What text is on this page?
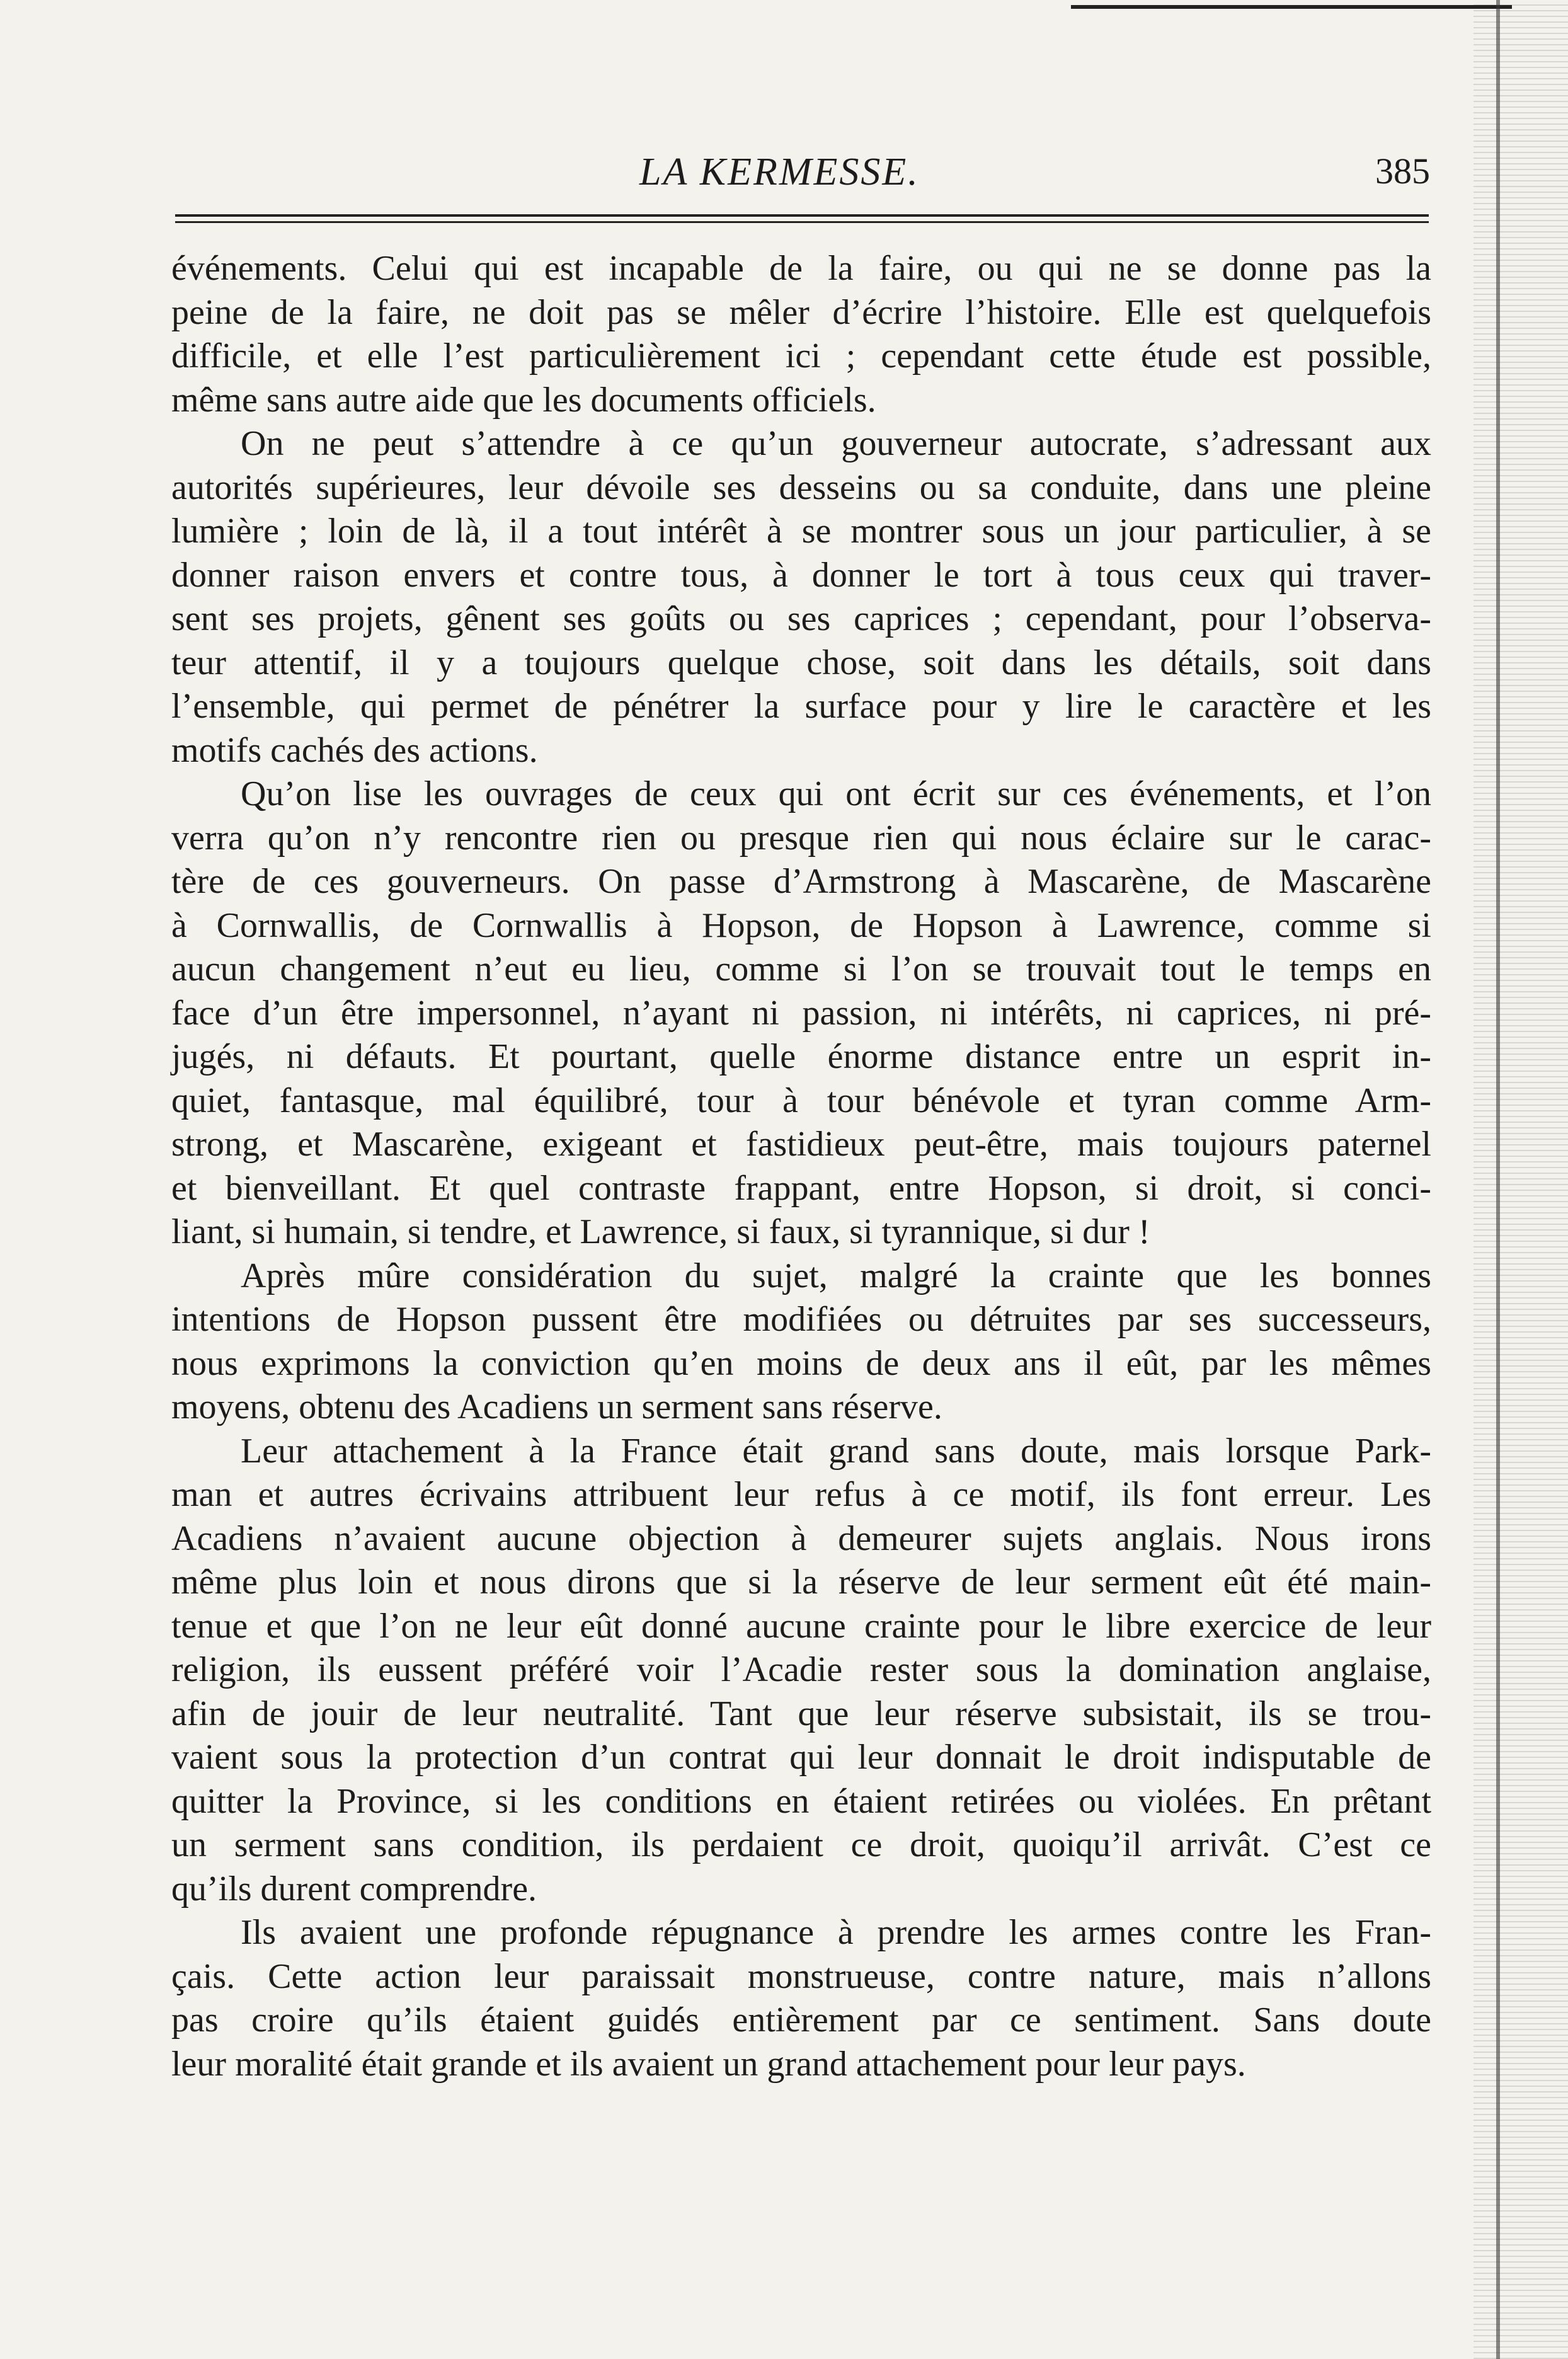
LA KERMESSE.	385

événements. Celui qui est incapable de la faire, ou qui ne se donne pas la
peine de la faire, ne doit pas se mêler d’écrire l’histoire. Elle est quelquefois
difficile, et elle l’est particulièrement ici ; cependant cette étude est possible,
même sans autre aide que les documents officiels.

On ne peut s’attendre à ce qu’un gouverneur autocrate, s’adressant aux
autorités supérieures, leur dévoile ses desseins ou sa conduite, dans une pleine
lumière ; loin de là, il a tout intérêt à se montrer sous un jour particulier, à se
donner raison envers et contre tous, à donner le tort à tous ceux qui traver-
sent ses projets, gênent ses goûts ou ses caprices ; cependant, pour l’observa-
teur attentif, il y a toujours quelque chose, soit dans les détails, soit dans
l’ensemble, qui permet de pénétrer la surface pour y lire le caractère et les
motifs cachés des actions.

Qu’on lise les ouvrages de ceux qui ont écrit sur ces événements, et l’on
verra qu’on n’y rencontre rien ou presque rien qui nous éclaire sur le carac-
tère de ces gouverneurs. On passe d’Armstrong à Mascarène, de Mascarène
à Cornwallis, de Cornwallis à Hopson, de Hopson à Lawrence, comme si
aucun changement n’eut eu lieu, comme si l’on se trouvait tout le temps en
face d’un être impersonnel, n’ayant ni passion, ni intérêts, ni caprices, ni pré-
jugés, ni défauts. Et pourtant, quelle énorme distance entre un esprit in-
quiet, fantasque, mal équilibré, tour à tour bénévole et tyran comme Arm-
strong, et Mascarène, exigeant et fastidieux peut-être, mais toujours paternel
et bienveillant. Et quel contraste frappant, entre Hopson, si droit, si conci-
liant, si humain, si tendre, et Lawrence, si faux, si tyrannique, si dur !

Après mûre considération du sujet, malgré la crainte que les bonnes
intentions de Hopson pussent être modifiées ou détruites par ses successeurs,
nous exprimons la conviction qu’en moins de deux ans il eût, par les mêmes
moyens, obtenu des Acadiens un serment sans réserve.

Leur attachement à la France était grand sans doute, mais lorsque Park-
man et autres écrivains attribuent leur refus à ce motif, ils font erreur. Les
Acadiens n’avaient aucune objection à demeurer sujets anglais. Nous irons
même plus loin et nous dirons que si la réserve de leur serment eût été main-
tenue et que l’on ne leur eût donné aucune crainte pour le libre exercice de leur
religion, ils eussent préféré voir l’Acadie rester sous la domination anglaise,
afin de jouir de leur neutralité. Tant que leur réserve subsistait, ils se trou-
vaient sous la protection d’un contrat qui leur donnait le droit indisputable de
quitter la Province, si les conditions en étaient retirées ou violées. En prêtant
un serment sans condition, ils perdaient ce droit, quoiqu’il arrivât. C’est ce
qu’ils durent comprendre.

Ils avaient une profonde répugnance à prendre les armes contre les Fran-
çais. Cette action leur paraissait monstrueuse, contre nature, mais n’allons
pas croire qu’ils étaient guidés entièrement par ce sentiment. Sans doute
leur moralité était grande et ils avaient un grand attachement pour leur pays.
